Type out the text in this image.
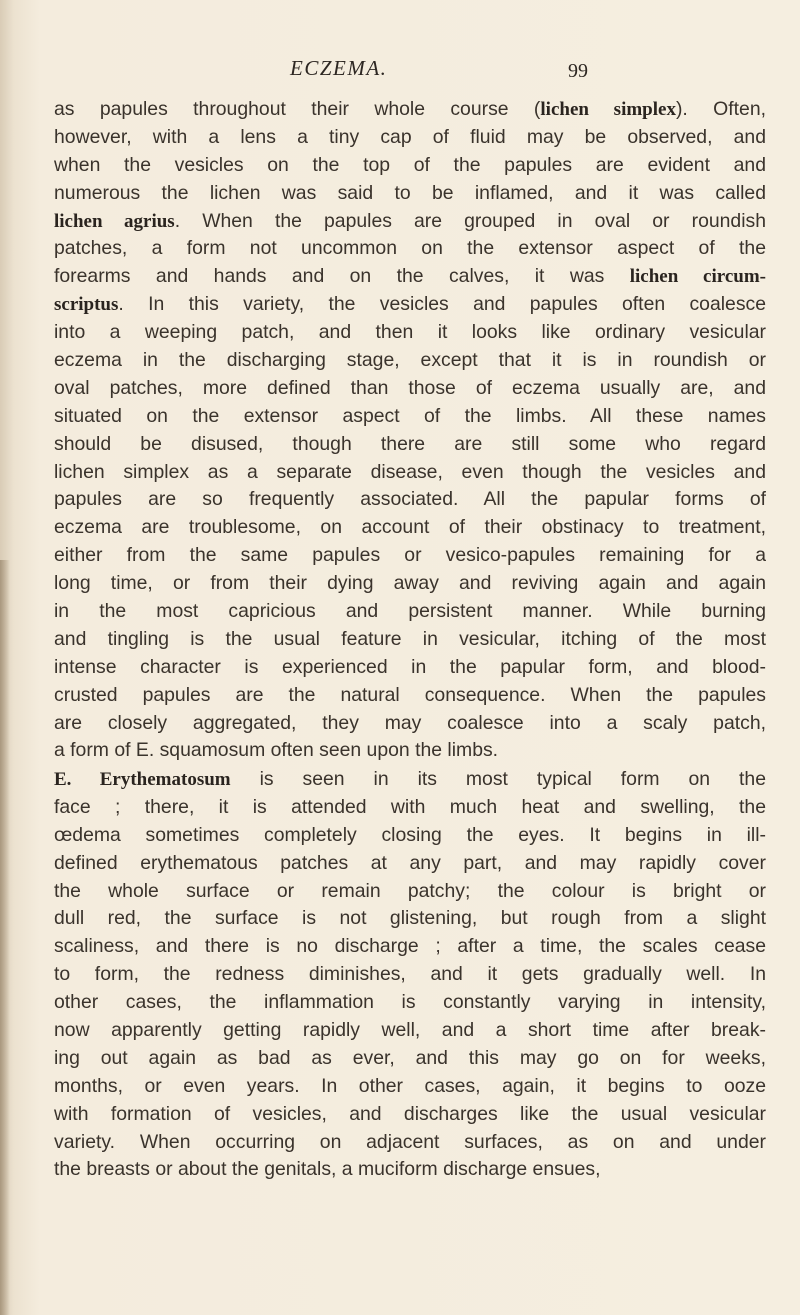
ECZEMA.	99

as papules throughout their whole course (lichen simplex). Often,
however, with a lens a tiny cap of fluid may be observed, and
when the vesicles on the top of the papules are evident and
numerous the lichen was said to be inflamed, and it was called
lichen agrius. When the papules are grouped in oval or roundish
patches, a form not uncommon on the extensor aspect of the
forearms and hands and on the calves, it was lichen circum-
scriptus. In this variety, the vesicles and papules often coalesce
into a weeping patch, and then it looks like ordinary vesicular
eczema in the discharging stage, except that it is in roundish or
oval patches, more defined than those of eczema usually are, and
situated on the extensor aspect of the limbs. All these names
should be disused, though there are still some who regard
lichen simplex as a separate disease, even though the vesicles and
papules are so frequently associated. All the papular forms of
eczema are troublesome, on account of their obstinacy to treatment,
either from the same papules or vesico-papules remaining for a
long time, or from their dying away and reviving again and again
in the most capricious and persistent manner. While burning
and tingling is the usual feature in vesicular, itching of the most
intense character is experienced in the papular form, and blood-
crusted papules are the natural consequence. When the papules
are closely aggregated, they may coalesce into a scaly patch,
a form of E. squamosum often seen upon the limbs.

E. Erythematosum is seen in its most typical form on the
face ; there, it is attended with much heat and swelling, the
œdema sometimes completely closing the eyes. It begins in ill-
defined erythematous patches at any part, and may rapidly cover
the whole surface or remain patchy; the colour is bright or
dull red, the surface is not glistening, but rough from a slight
scaliness, and there is no discharge ; after a time, the scales cease
to form, the redness diminishes, and it gets gradually well. In
other cases, the inflammation is constantly varying in intensity,
now apparently getting rapidly well, and a short time after break-
ing out again as bad as ever, and this may go on for weeks,
months, or even years. In other cases, again, it begins to ooze
with formation of vesicles, and discharges like the usual vesicular
variety. When occurring on adjacent surfaces, as on and under
the breasts or about the genitals, a muciform discharge ensues,
